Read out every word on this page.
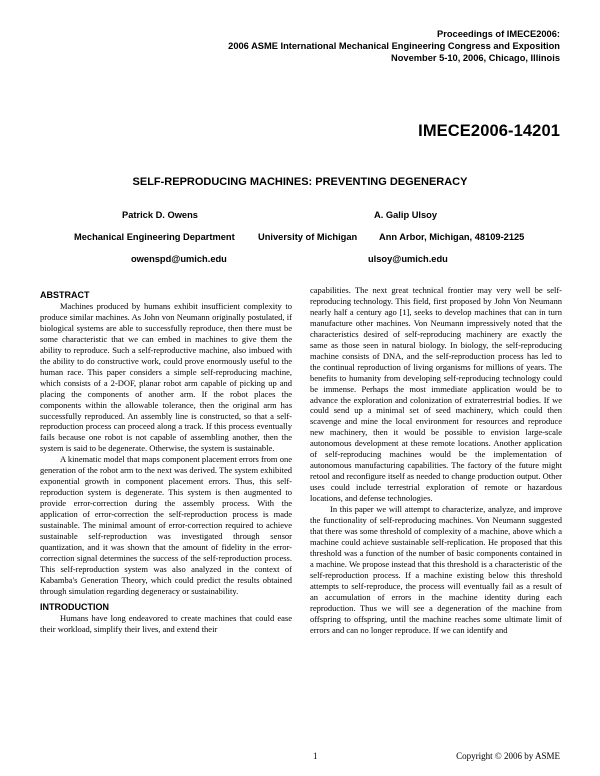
Proceedings of IMECE2006:
2006 ASME International Mechanical Engineering Congress and Exposition
November 5-10, 2006, Chicago, Illinois
IMECE2006-14201
SELF-REPRODUCING MACHINES: PREVENTING DEGENERACY
Patrick D. Owens	A. Galip Ulsoy
Mechanical Engineering Department	University of Michigan Ann Arbor, Michigan, 48109-2125
owenspd@umich.edu	ulsoy@umich.edu
ABSTRACT

Machines produced by humans exhibit insufficient complexity to produce similar machines. As John von Neumann originally postulated, if biological systems are able to successfully reproduce, then there must be some characteristic that we can embed in machines to give them the ability to reproduce. Such a self-reproductive machine, also imbued with the ability to do constructive work, could prove enormously useful to the human race. This paper considers a simple self-reproducing machine, which consists of a 2-DOF, planar robot arm capable of picking up and placing the components of another arm. If the robot places the components within the allowable tolerance, then the original arm has successfully reproduced. An assembly line is constructed, so that a self-reproduction process can proceed along a track. If this process eventually fails because one robot is not capable of assembling another, then the system is said to be degenerate. Otherwise, the system is sustainable.

A kinematic model that maps component placement errors from one generation of the robot arm to the next was derived. The system exhibited exponential growth in component placement errors. Thus, this self-reproduction system is degenerate. This system is then augmented to provide error-correction during the assembly process. With the application of error-correction the self-reproduction process is made sustainable. The minimal amount of error-correction required to achieve sustainable self-reproduction was investigated through sensor quantization, and it was shown that the amount of fidelity in the error-correction signal determines the success of the self-reproduction process. This self-reproduction system was also analyzed in the context of Kabamba's Generation Theory, which could predict the results obtained through simulation regarding degeneracy or sustainability.

INTRODUCTION

Humans have long endeavored to create machines that could ease their workload, simplify their lives, and extend their

capabilities. The next great technical frontier may very well be self-reproducing technology. This field, first proposed by John Von Neumann nearly half a century ago [1], seeks to develop machines that can in turn manufacture other machines. Von Neumann impressively noted that the characteristics desired of self-reproducing machinery are exactly the same as those seen in natural biology. In biology, the self-reproducing machine consists of DNA, and the self-reproduction process has led to the continual reproduction of living organisms for millions of years. The benefits to humanity from developing self-reproducing technology could be immense. Perhaps the most immediate application would be to advance the exploration and colonization of extraterrestrial bodies. If we could send up a minimal set of seed machinery, which could then scavenge and mine the local environment for resources and reproduce new machinery, then it would be possible to envision large-scale autonomous development at these remote locations. Another application of self-reproducing machines would be the implementation of autonomous manufacturing capabilities. The factory of the future might retool and reconfigure itself as needed to change production output. Other uses could include terrestrial exploration of remote or hazardous locations, and defense technologies.

In this paper we will attempt to characterize, analyze, and improve the functionality of self-reproducing machines. Von Neumann suggested that there was some threshold of complexity of a machine, above which a machine could achieve sustainable self-replication. He proposed that this threshold was a function of the number of basic components contained in a machine. We propose instead that this threshold is a characteristic of the self-reproduction process. If a machine existing below this threshold attempts to self-reproduce, the process will eventually fail as a result of an accumulation of errors in the machine identity during each reproduction. Thus we will see a degeneration of the machine from offspring to offspring, until the machine reaches some ultimate limit of errors and can no longer reproduce. If we can identify and

1	Copyright © 2006 by ASME
